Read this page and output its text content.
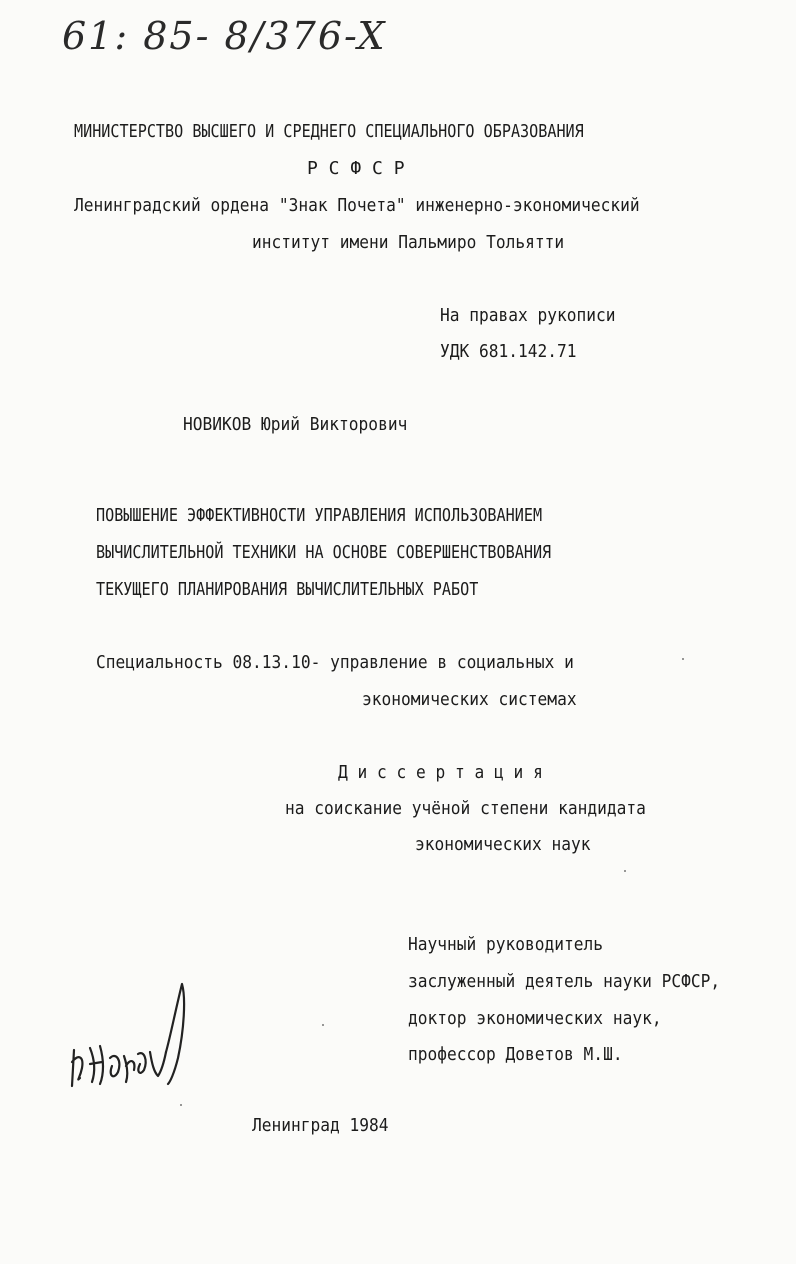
61: 85- 8/376-X
МИНИСТЕРСТВО ВЫСШЕГО И СРЕДНЕГО СПЕЦИАЛЬНОГО ОБРАЗОВАНИЯ
Р С Ф С Р
Ленинградский ордена "Знак Почета" инженерно-экономический
институт имени Пальмиро Тольятти
На правах рукописи
УДК 681.142.71
НОВИКОВ Юрий Викторович
ПОВЫШЕНИЕ ЭФФЕКТИВНОСТИ УПРАВЛЕНИЯ ИСПОЛЬЗОВАНИЕМ
ВЫЧИСЛИТЕЛЬНОЙ ТЕХНИКИ НА ОСНОВЕ СОВЕРШЕНСТВОВАНИЯ
ТЕКУЩЕГО ПЛАНИРОВАНИЯ ВЫЧИСЛИТЕЛЬНЫХ РАБОТ
Специальность 08.13.10- управление в социальных и
экономических системах
Д и с с е р т а ц и я
на соискание учёной степени кандидата
экономических наук
Научный руководитель
заслуженный деятель науки РСФСР,
доктор экономических наук,
профессор Доветов М.Ш.
Ленинград 1984
